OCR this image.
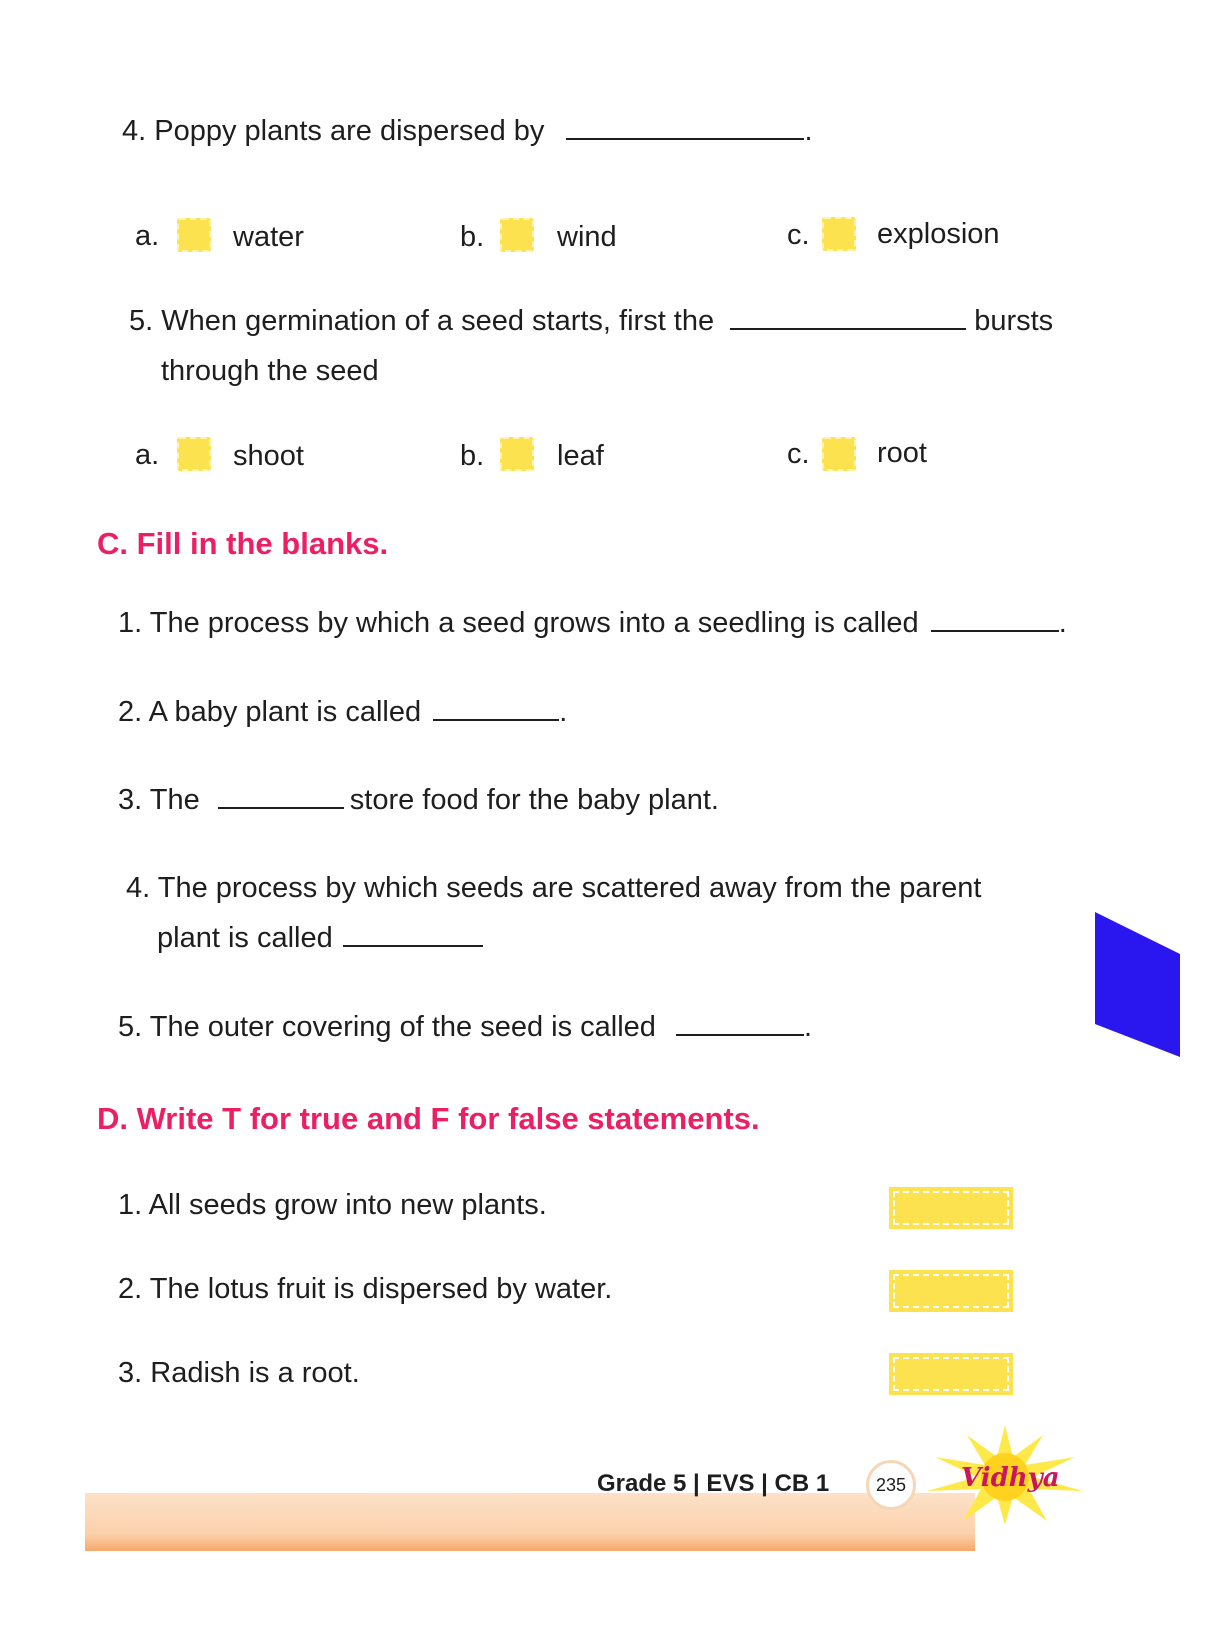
4. Poppy plants are dispersed by	.
a.	water	b.	wind	c. explosion
5. When germination of a seed starts, first the	bursts
through the seed
a.	shoot	b.	leaf	c. root
C. Fill in the blanks.
1. The process by which a seed grows into a seedling is called	.
2. A baby plant is called	.
3. The	store food for the baby plant.
4. The process by which seeds are scattered away from the parent
plant is called
5. The outer covering of the seed is called	.
D. Write T for true and F for false statements.
1. All seeds grow into new plants.
2. The lotus fruit is dispersed by water.
3. Radish is a root.
Grade 5 | EVS | CB 1	235	Vidhya
